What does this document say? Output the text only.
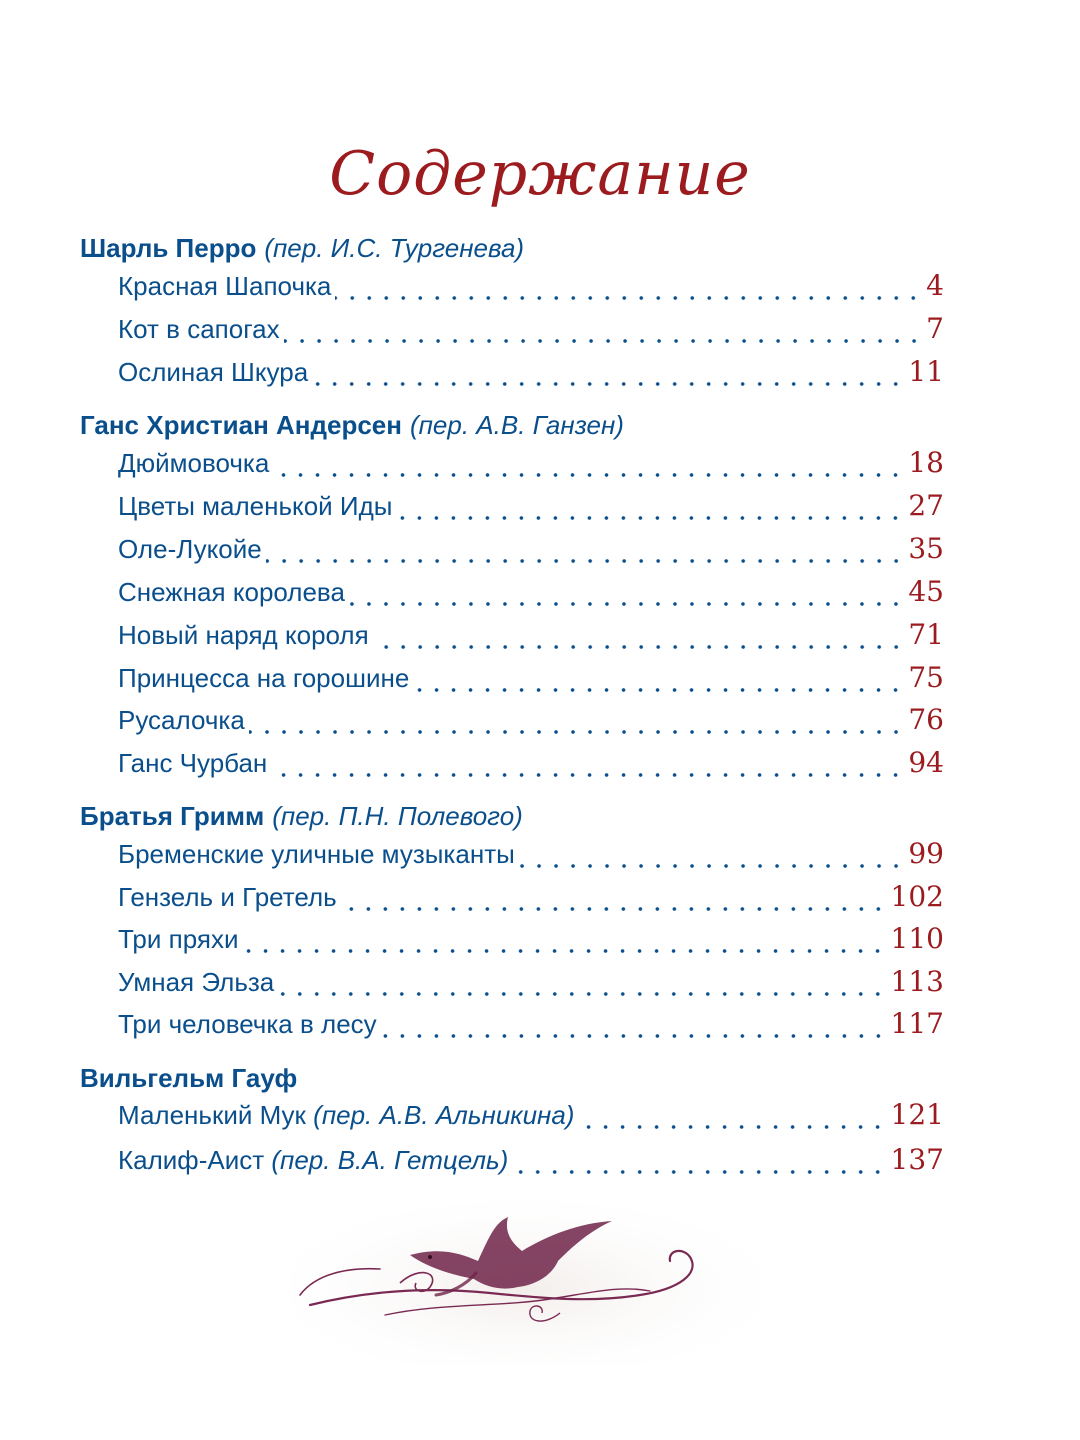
Содержание
Шарль Перро (пер. И.С. Тургенева)
Красная Шапочка	4
Кот в сапогах	7
Ослиная Шкура	11
Ганс Христиан Андерсен (пер. А.В. Ганзен)
Дюймовочка	18
Цветы маленькой Иды	27
Оле-Лукойе	35
Снежная королева	45
Новый наряд короля	71
Принцесса на горошине	75
Русалочка	76
Ганс Чурбан	94
Братья Гримм (пер. П.Н. Полевого)
Бременские уличные музыканты	99
Гензель и Гретель	102
Три пряхи	110
Умная Эльза	113
Три человечка в лесу	117
Вильгельм Гауф
Маленький Мук (пер. А.В. Альникина)	121
Калиф-Аист (пер. В.А. Гетцель)	137
